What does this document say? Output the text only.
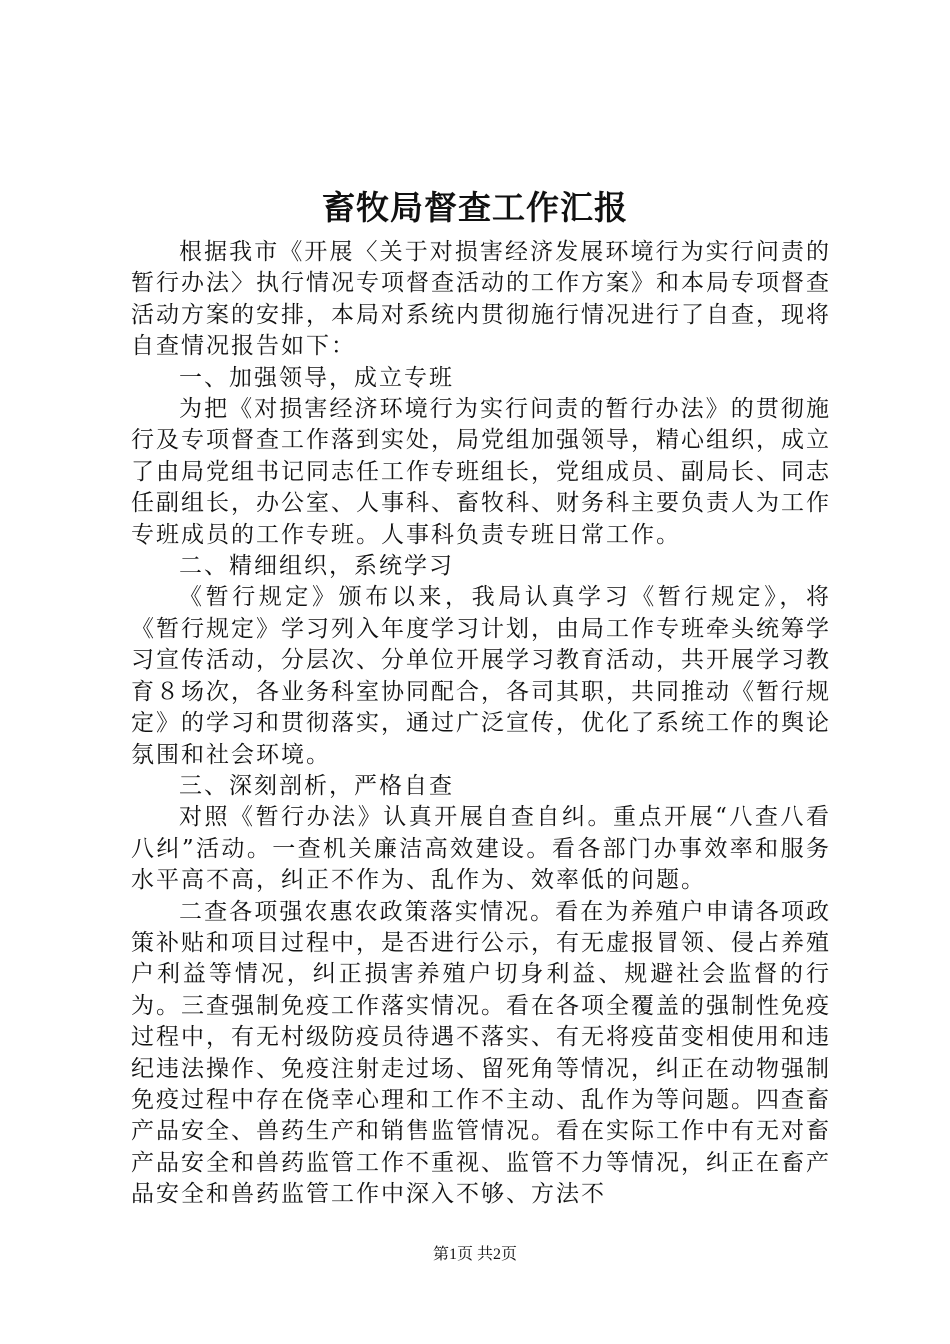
畜牧局督查工作汇报

根据我市《开展〈关于对损害经济发展环境行为实行问责的暂行办法〉执行情况专项督查活动的工作方案》和本局专项督查活动方案的安排，本局对系统内贯彻施行情况进行了自查，现将自查情况报告如下：

一、加强领导，成立专班

为把《对损害经济环境行为实行问责的暂行办法》的贯彻施行及专项督查工作落到实处，局党组加强领导，精心组织，成立了由局党组书记同志任工作专班组长，党组成员、副局长、同志任副组长，办公室、人事科、畜牧科、财务科主要负责人为工作专班成员的工作专班。人事科负责专班日常工作。

二、精细组织，系统学习

《暂行规定》颁布以来，我局认真学习《暂行规定》，将《暂行规定》学习列入年度学习计划，由局工作专班牵头统筹学习宣传活动，分层次、分单位开展学习教育活动，共开展学习教育８场次，各业务科室协同配合，各司其职，共同推动《暂行规定》的学习和贯彻落实，通过广泛宣传，优化了系统工作的舆论氛围和社会环境。

三、深刻剖析，严格自查

对照《暂行办法》认真开展自查自纠。重点开展“八查八看八纠”活动。一查机关廉洁高效建设。看各部门办事效率和服务水平高不高，纠正不作为、乱作为、效率低的问题。

二查各项强农惠农政策落实情况。看在为养殖户申请各项政策补贴和项目过程中，是否进行公示，有无虚报冒领、侵占养殖户利益等情况，纠正损害养殖户切身利益、规避社会监督的行为。三查强制免疫工作落实情况。看在各项全覆盖的强制性免疫过程中，有无村级防疫员待遇不落实、有无将疫苗变相使用和违纪违法操作、免疫注射走过场、留死角等情况，纠正在动物强制免疫过程中存在侥幸心理和工作不主动、乱作为等问题。四查畜产品安全、兽药生产和销售监管情况。看在实际工作中有无对畜产品安全和兽药监管工作不重视、监管不力等情况，纠正在畜产品安全和兽药监管工作中深入不够、方法不

第1页 共2页
